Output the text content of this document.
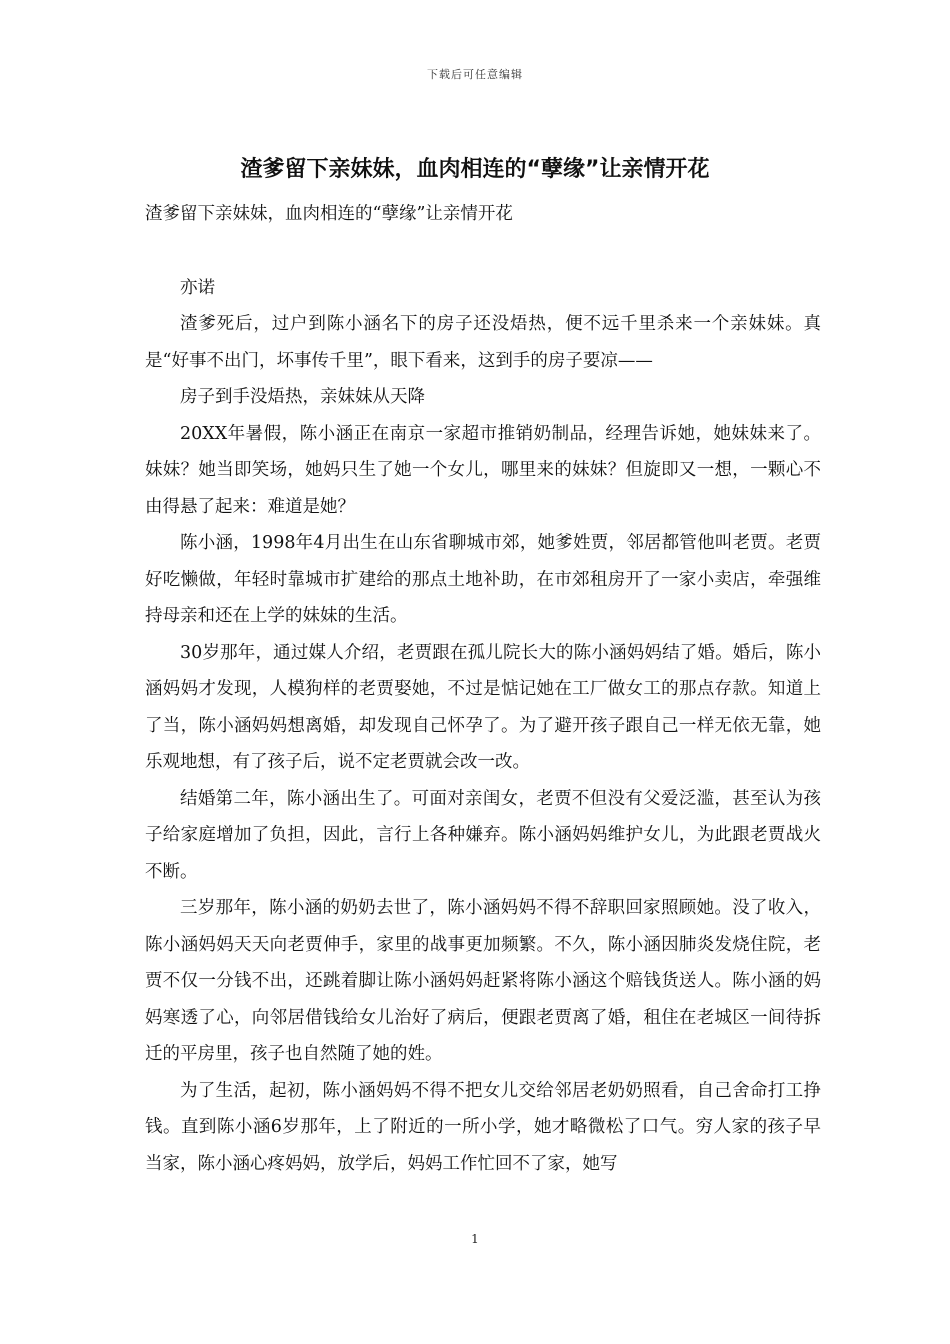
下载后可任意编辑
渣爹留下亲妹妹，血肉相连的“孽缘”让亲情开花

渣爹留下亲妹妹，血肉相连的“孽缘”让亲情开花

亦诺

渣爹死后，过户到陈小涵名下的房子还没焐热，便不远千里杀来一个亲妹妹。真是“好事不出门，坏事传千里”，眼下看来，这到手的房子要凉——

房子到手没焐热，亲妹妹从天降

20XX年暑假，陈小涵正在南京一家超市推销奶制品，经理告诉她，她妹妹来了。妹妹？她当即笑场，她妈只生了她一个女儿，哪里来的妹妹？但旋即又一想，一颗心不由得悬了起来：难道是她？

陈小涵，1998年4月出生在山东省聊城市郊，她爹姓贾，邻居都管他叫老贾。老贾好吃懒做，年轻时靠城市扩建给的那点土地补助，在市郊租房开了一家小卖店，牵强维持母亲和还在上学的妹妹的生活。

30岁那年，通过媒人介绍，老贾跟在孤儿院长大的陈小涵妈妈结了婚。婚后，陈小涵妈妈才发现，人模狗样的老贾娶她，不过是惦记她在工厂做女工的那点存款。知道上了当，陈小涵妈妈想离婚，却发现自己怀孕了。为了避开孩子跟自己一样无依无靠，她乐观地想，有了孩子后，说不定老贾就会改一改。

结婚第二年，陈小涵出生了。可面对亲闺女，老贾不但没有父爱泛滥，甚至认为孩子给家庭增加了负担，因此，言行上各种嫌弃。陈小涵妈妈维护女儿，为此跟老贾战火不断。

三岁那年，陈小涵的奶奶去世了，陈小涵妈妈不得不辞职回家照顾她。没了收入，陈小涵妈妈天天向老贾伸手，家里的战事更加频繁。不久，陈小涵因肺炎发烧住院，老贾不仅一分钱不出，还跳着脚让陈小涵妈妈赶紧将陈小涵这个赔钱货送人。陈小涵的妈妈寒透了心，向邻居借钱给女儿治好了病后，便跟老贾离了婚，租住在老城区一间待拆迁的平房里，孩子也自然随了她的姓。

为了生活，起初，陈小涵妈妈不得不把女儿交给邻居老奶奶照看，自己舍命打工挣钱。直到陈小涵6岁那年，上了附近的一所小学，她才略微松了口气。穷人家的孩子早当家，陈小涵心疼妈妈，放学后，妈妈工作忙回不了家，她写

1
